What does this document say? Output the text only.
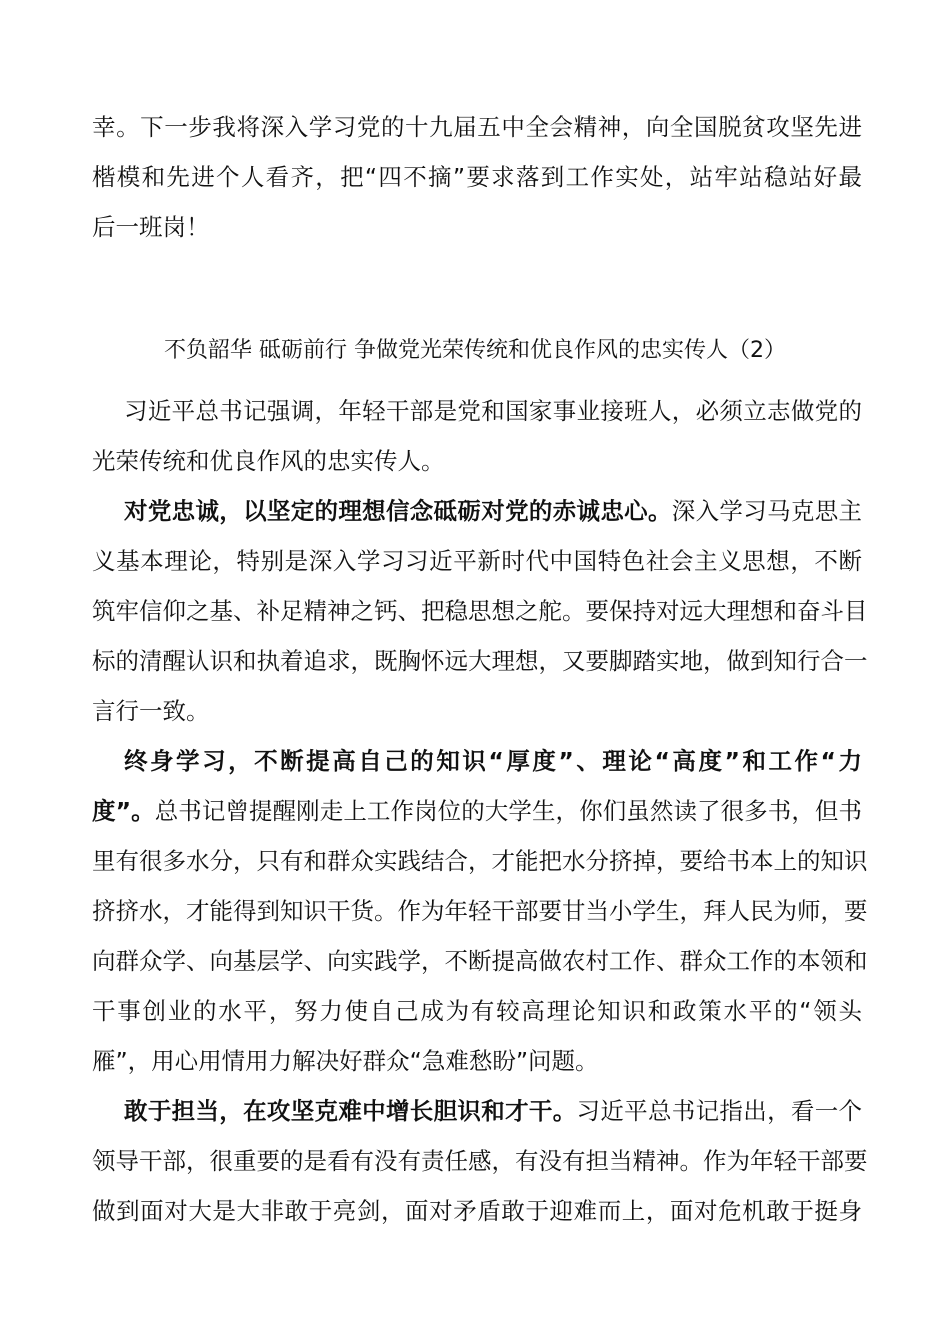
幸。下一步我将深入学习党的十九届五中全会精神，向全国脱贫攻坚先进
楷模和先进个人看齐，把“四不摘”要求落到工作实处，站牢站稳站好最
后一班岗！
不负韶华 砥砺前行 争做党光荣传统和优良作风的忠实传人（2）
习近平总书记强调，年轻干部是党和国家事业接班人，必须立志做党的
光荣传统和优良作风的忠实传人。
对党忠诚，以坚定的理想信念砥砺对党的赤诚忠心。深入学习马克思主
义基本理论，特别是深入学习习近平新时代中国特色社会主义思想，不断
筑牢信仰之基、补足精神之钙、把稳思想之舵。要保持对远大理想和奋斗目
标的清醒认识和执着追求，既胸怀远大理想，又要脚踏实地，做到知行合一
言行一致。
终身学习，不断提高自己的知识“厚度”、理论“高度”和工作“力
度”。总书记曾提醒刚走上工作岗位的大学生，你们虽然读了很多书，但书
里有很多水分，只有和群众实践结合，才能把水分挤掉，要给书本上的知识
挤挤水，才能得到知识干货。作为年轻干部要甘当小学生，拜人民为师，要
向群众学、向基层学、向实践学，不断提高做农村工作、群众工作的本领和
干事创业的水平，努力使自己成为有较高理论知识和政策水平的“领头
雁”，用心用情用力解决好群众“急难愁盼”问题。
敢于担当，在攻坚克难中增长胆识和才干。习近平总书记指出，看一个
领导干部，很重要的是看有没有责任感，有没有担当精神。作为年轻干部要
做到面对大是大非敢于亮剑，面对矛盾敢于迎难而上，面对危机敢于挺身
